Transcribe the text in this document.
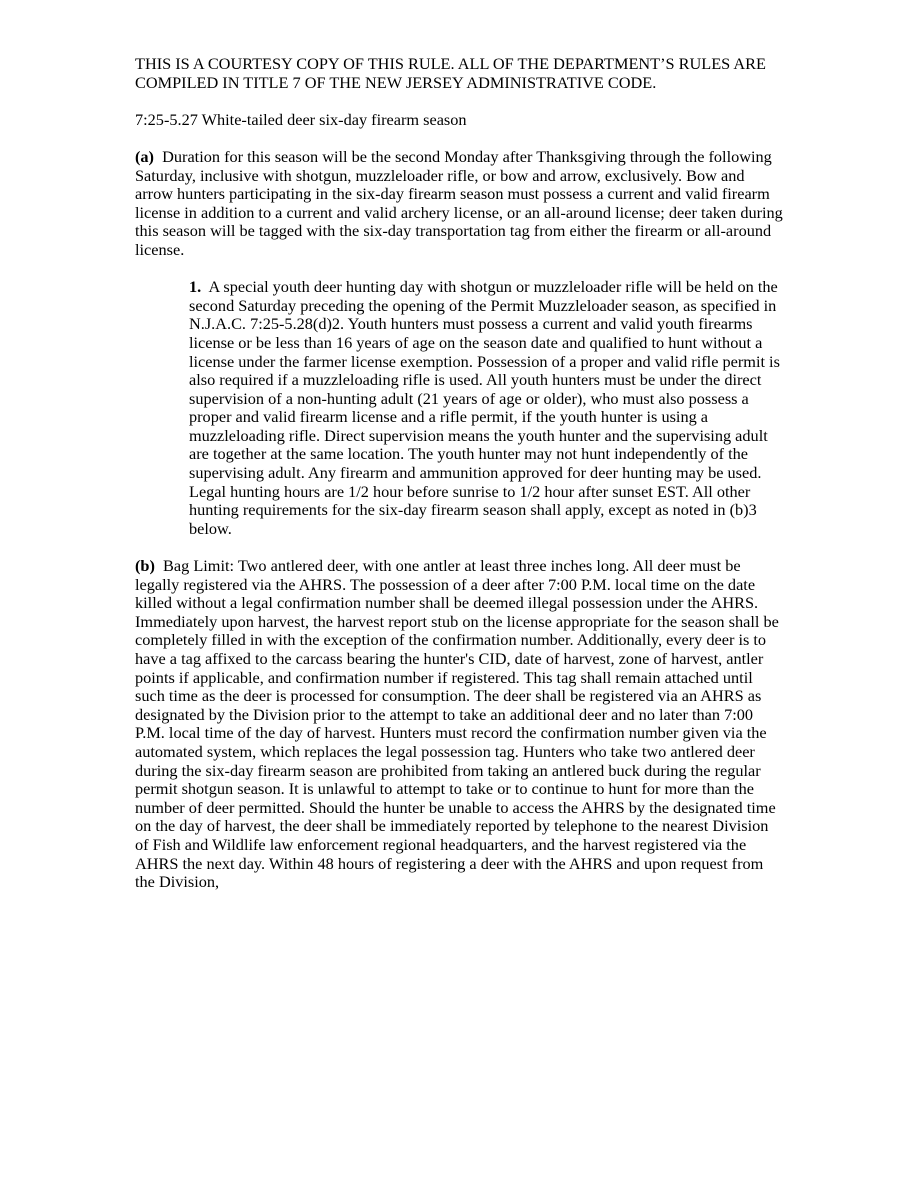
THIS IS A COURTESY COPY OF THIS RULE. ALL OF THE DEPARTMENT’S RULES ARE COMPILED IN TITLE 7 OF THE NEW JERSEY ADMINISTRATIVE CODE.

7:25-5.27 White-tailed deer six-day firearm season

(a) Duration for this season will be the second Monday after Thanksgiving through the following Saturday, inclusive with shotgun, muzzleloader rifle, or bow and arrow, exclusively. Bow and arrow hunters participating in the six-day firearm season must possess a current and valid firearm license in addition to a current and valid archery license, or an all-around license; deer taken during this season will be tagged with the six-day transportation tag from either the firearm or all-around license.

1. A special youth deer hunting day with shotgun or muzzleloader rifle will be held on the second Saturday preceding the opening of the Permit Muzzleloader season, as specified in N.J.A.C. 7:25-5.28(d)2. Youth hunters must possess a current and valid youth firearms license or be less than 16 years of age on the season date and qualified to hunt without a license under the farmer license exemption. Possession of a proper and valid rifle permit is also required if a muzzleloading rifle is used. All youth hunters must be under the direct supervision of a non-hunting adult (21 years of age or older), who must also possess a proper and valid firearm license and a rifle permit, if the youth hunter is using a muzzleloading rifle. Direct supervision means the youth hunter and the supervising adult are together at the same location. The youth hunter may not hunt independently of the supervising adult. Any firearm and ammunition approved for deer hunting may be used. Legal hunting hours are 1/2 hour before sunrise to 1/2 hour after sunset EST. All other hunting requirements for the six-day firearm season shall apply, except as noted in (b)3 below.

(b) Bag Limit: Two antlered deer, with one antler at least three inches long. All deer must be legally registered via the AHRS. The possession of a deer after 7:00 P.M. local time on the date killed without a legal confirmation number shall be deemed illegal possession under the AHRS. Immediately upon harvest, the harvest report stub on the license appropriate for the season shall be completely filled in with the exception of the confirmation number. Additionally, every deer is to have a tag affixed to the carcass bearing the hunter's CID, date of harvest, zone of harvest, antler points if applicable, and confirmation number if registered. This tag shall remain attached until such time as the deer is processed for consumption. The deer shall be registered via an AHRS as designated by the Division prior to the attempt to take an additional deer and no later than 7:00 P.M. local time of the day of harvest. Hunters must record the confirmation number given via the automated system, which replaces the legal possession tag. Hunters who take two antlered deer during the six-day firearm season are prohibited from taking an antlered buck during the regular permit shotgun season. It is unlawful to attempt to take or to continue to hunt for more than the number of deer permitted. Should the hunter be unable to access the AHRS by the designated time on the day of harvest, the deer shall be immediately reported by telephone to the nearest Division of Fish and Wildlife law enforcement regional headquarters, and the harvest registered via the AHRS the next day. Within 48 hours of registering a deer with the AHRS and upon request from the Division,
